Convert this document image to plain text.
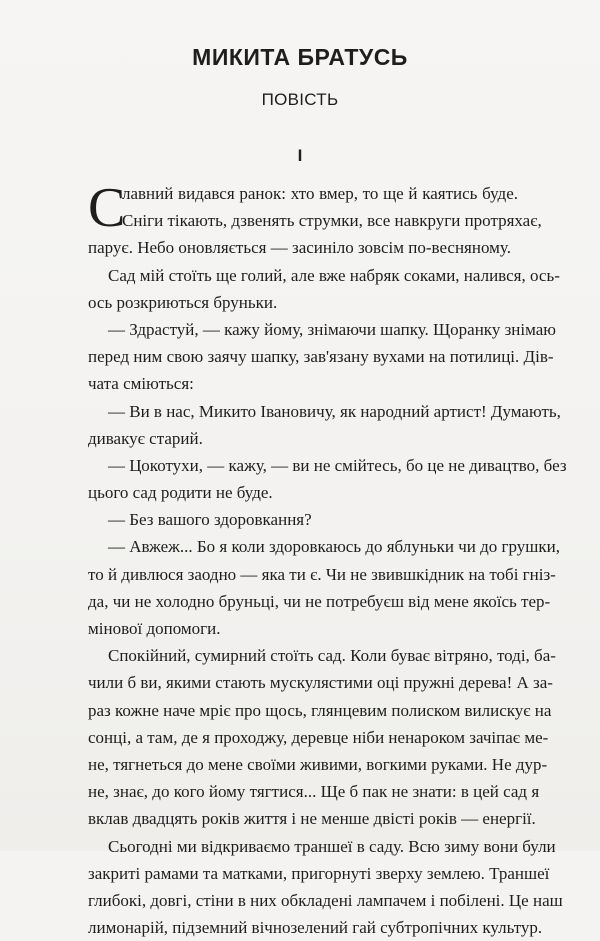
МИКИТА БРАТУСЬ
ПОВІСТЬ
I
С
лавний видався ранок: хто вмер, то ще й каятись буде.
Сніги тікають, дзвенять струмки, все навкруги протряхає,
парує. Небо оновляється — засиніло зовсім по-весняному.
Сад мій стоїть ще голий, але вже набряк соками, налився, ось-
ось розкриються бруньки.
— Здрастуй, — кажу йому, знімаючи шапку. Щоранку знімаю
перед ним свою заячу шапку, зав'язану вухами на потилиці. Дів-
чата сміються:
— Ви в нас, Микито Івановичу, як народний артист! Думають,
дивакує старий.
— Цокотухи, — кажу, — ви не смійтесь, бо це не дивацтво, без
цього сад родити не буде.
— Без вашого здоровкання?
— Авжеж... Бо я коли здоровкаюсь до яблуньки чи до грушки,
то й дивлюся заодно — яка ти є. Чи не звившкідник на тобі гніз-
да, чи не холодно бруньці, чи не потребуєш від мене якоїсь тер-
мінової допомоги.
Спокійний, сумирний стоїть сад. Коли буває вітряно, тоді, ба-
чили б ви, якими стають мускулястими оці пружні дерева! А за-
раз кожне наче мріє про щось, глянцевим полиском вилискує на
сонці, а там, де я проходжу, деревце ніби ненароком зачіпає ме-
не, тягнеться до мене своїми живими, вогкими руками. Не дур-
не, знає, до кого йому тягтися... Ще б пак не знати: в цей сад я
вклав двадцять років життя і не менше двісті років — енергії.
Сьогодні ми відкриваємо траншеї в саду. Всю зиму вони були
закриті рамами та матками, пригорнуті зверху землею. Траншеї
глибокі, довгі, стіни в них обкладені лампачем і побілені. Це наш
лимонарій, підземний вічнозелений гай субтропічних культур.
